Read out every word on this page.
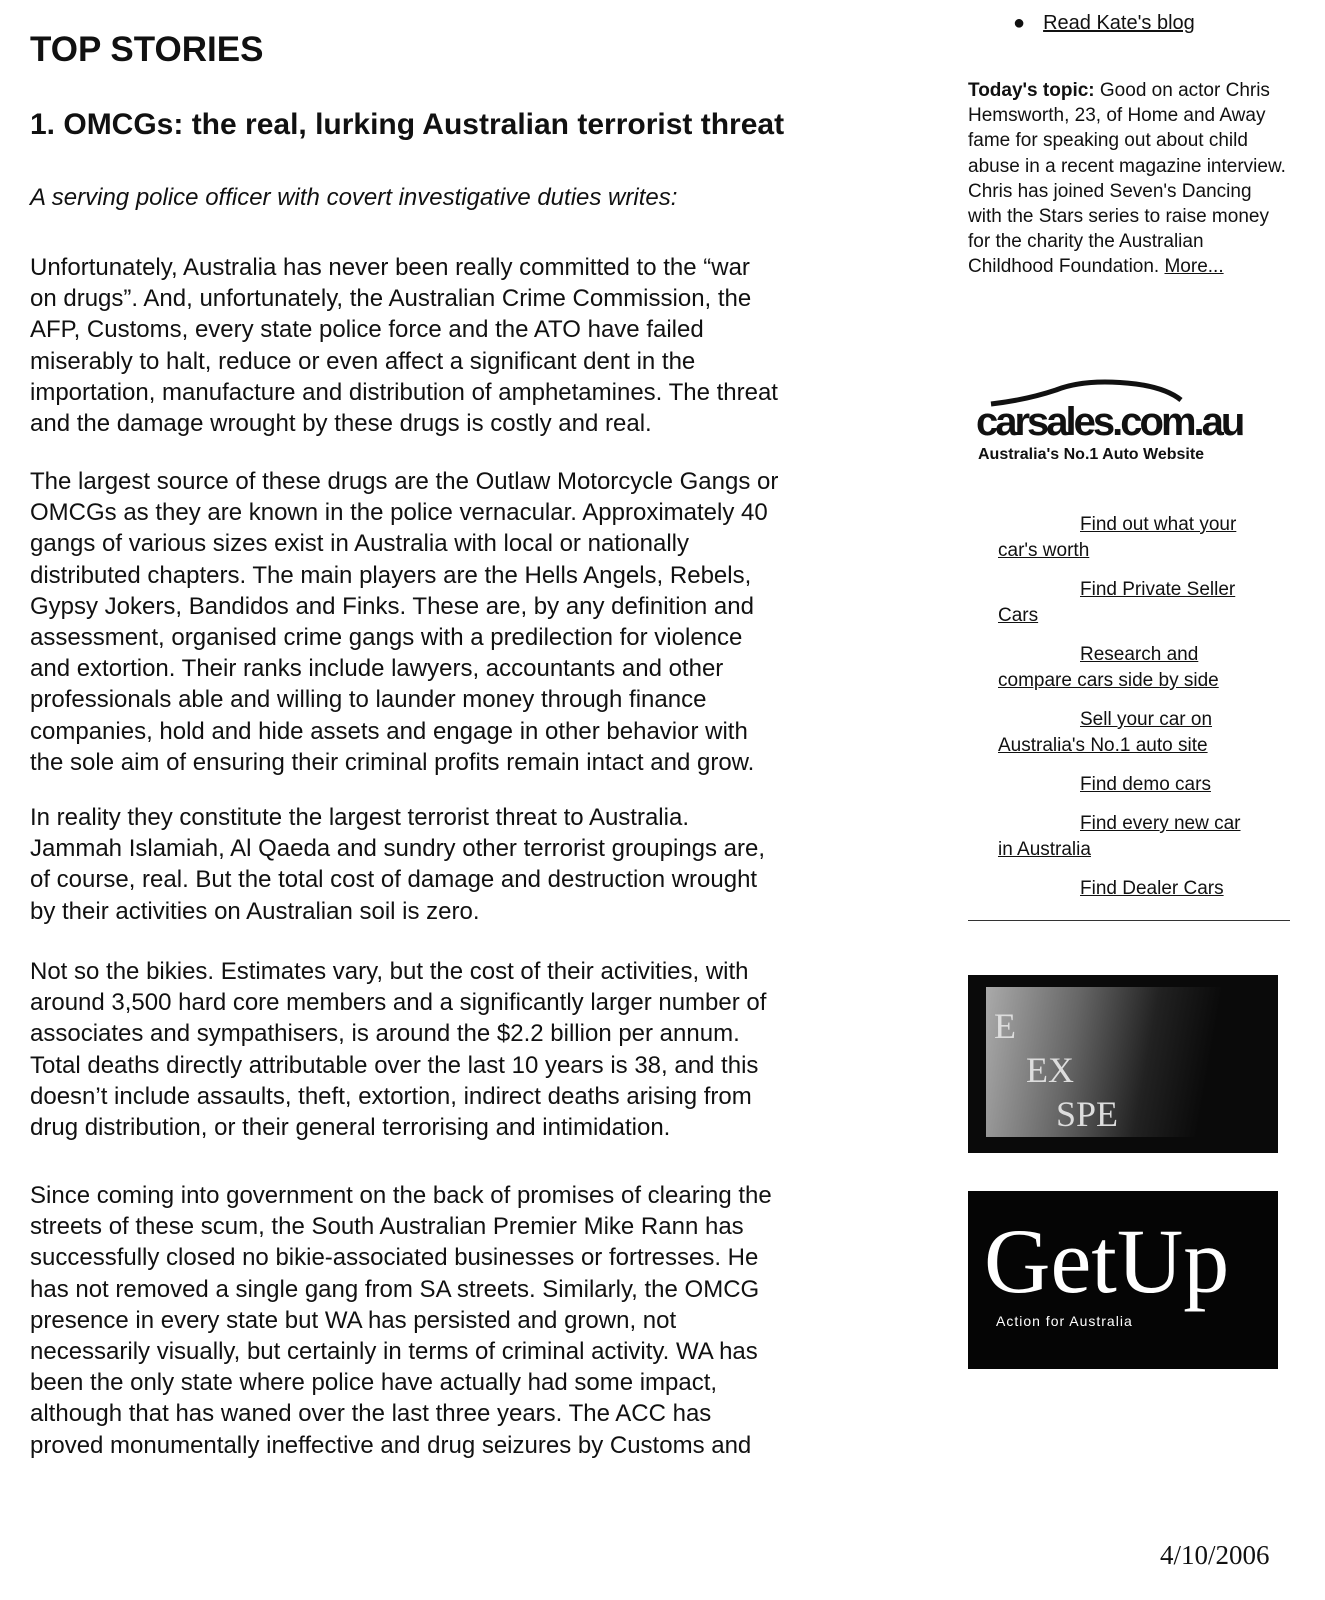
TOP STORIES
1. OMCGs: the real, lurking Australian terrorist threat
A serving police officer with covert investigative duties writes:
Unfortunately, Australia has never been really committed to the “war
on drugs”. And, unfortunately, the Australian Crime Commission, the
AFP, Customs, every state police force and the ATO have failed
miserably to halt, reduce or even affect a significant dent in the
importation, manufacture and distribution of amphetamines. The threat
and the damage wrought by these drugs is costly and real.
The largest source of these drugs are the Outlaw Motorcycle Gangs or
OMCGs as they are known in the police vernacular. Approximately 40
gangs of various sizes exist in Australia with local or nationally
distributed chapters. The main players are the Hells Angels, Rebels,
Gypsy Jokers, Bandidos and Finks. These are, by any definition and
assessment, organised crime gangs with a predilection for violence
and extortion. Their ranks include lawyers, accountants and other
professionals able and willing to launder money through finance
companies, hold and hide assets and engage in other behavior with
the sole aim of ensuring their criminal profits remain intact and grow.
In reality they constitute the largest terrorist threat to Australia.
Jammah Islamiah, Al Qaeda and sundry other terrorist groupings are,
of course, real. But the total cost of damage and destruction wrought
by their activities on Australian soil is zero.
Not so the bikies. Estimates vary, but the cost of their activities, with
around 3,500 hard core members and a significantly larger number of
associates and sympathisers, is around the $2.2 billion per annum.
Total deaths directly attributable over the last 10 years is 38, and this
doesn’t include assaults, theft, extortion, indirect deaths arising from
drug distribution, or their general terrorising and intimidation.
Since coming into government on the back of promises of clearing the
streets of these scum, the South Australian Premier Mike Rann has
successfully closed no bikie-associated businesses or fortresses. He
has not removed a single gang from SA streets. Similarly, the OMCG
presence in every state but WA has persisted and grown, not
necessarily visually, but certainly in terms of criminal activity. WA has
been the only state where police have actually had some impact,
although that has waned over the last three years. The ACC has
proved monumentally ineffective and drug seizures by Customs and
● Read Kate's blog
Today's topic: Good on actor Chris Hemsworth, 23, of Home and Away fame for speaking out about child abuse in a recent magazine interview. Chris has joined Seven's Dancing with the Stars series to raise money for the charity the Australian Childhood Foundation. More...
carsales.com.au
Australia's No.1 Auto Website
Find out what your
car's worth
Find Private Seller
Cars
Research and
compare cars side by side
Sell your car on
Australia's No.1 auto site
Find demo cars
Find every new car
in Australia
Find Dealer Cars
E
EX
SPE
GetUp
Action for Australia
4/10/2006
